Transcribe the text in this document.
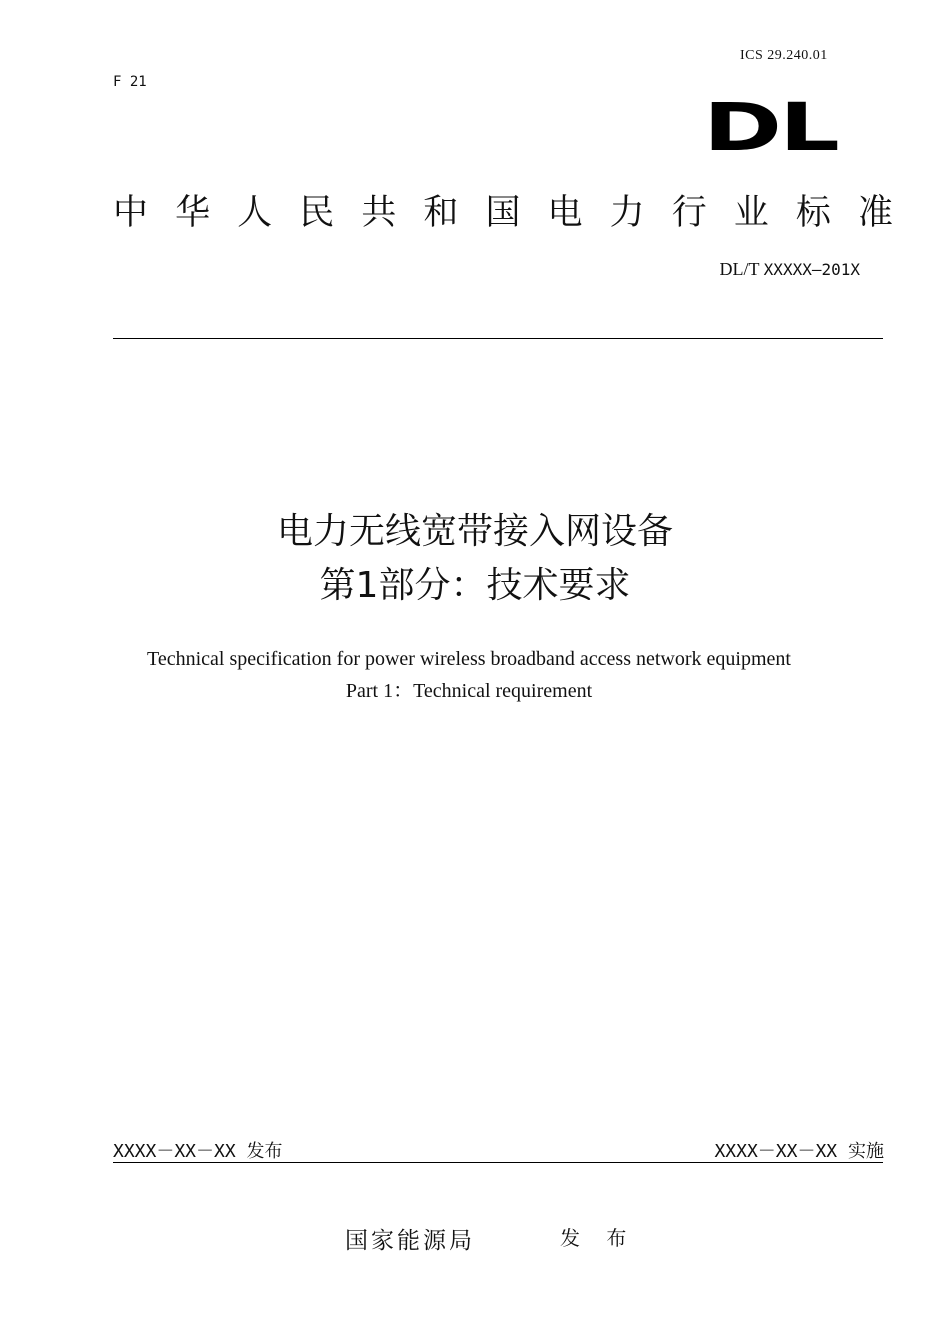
ICS 29.240.01
F 21
DL
中 华 人 民 共 和 国 电 力 行 业 标 准
DL/T XXXXX—201X
电力无线宽带接入网设备
第1部分：技术要求
Technical specification for power wireless broadband access network equipment
Part 1：Technical requirement
XXXX－XX－XX 发布	XXXX－XX－XX 实施
国家能源局	发 布
